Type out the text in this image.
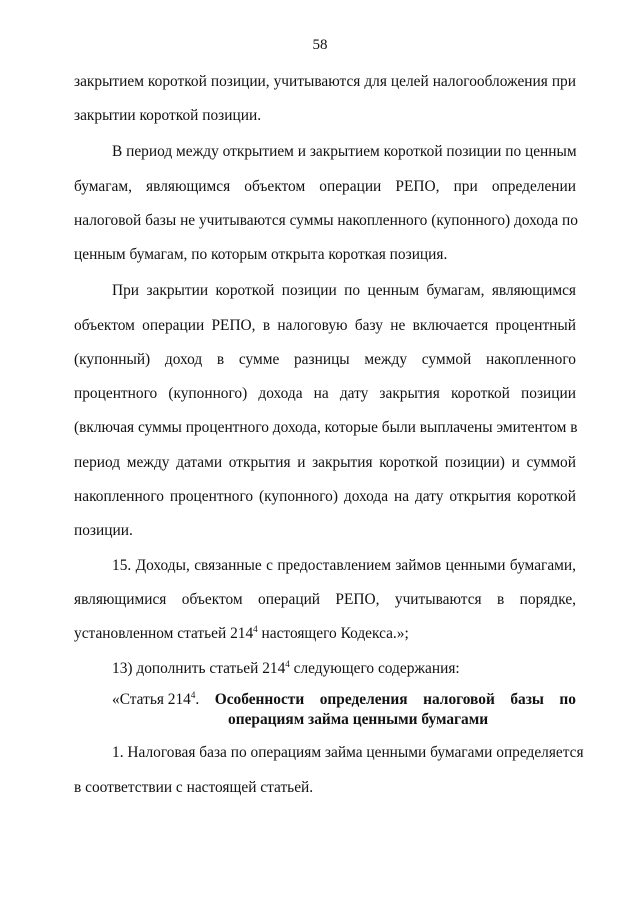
58
закрытием короткой позиции, учитываются для целей налогообложения при
закрытии короткой позиции.
В период между открытием и закрытием короткой позиции по ценным
бумагам, являющимся объектом операции РЕПО, при определении
налоговой базы не учитываются суммы накопленного (купонного) дохода по
ценным бумагам, по которым открыта короткая позиция.
При закрытии короткой позиции по ценным бумагам, являющимся
объектом операции РЕПО, в налоговую базу не включается процентный
(купонный) доход в сумме разницы между суммой накопленного
процентного (купонного) дохода на дату закрытия короткой позиции
(включая суммы процентного дохода, которые были выплачены эмитентом в
период между датами открытия и закрытия короткой позиции) и суммой
накопленного процентного (купонного) дохода на дату открытия короткой
позиции.
15. Доходы, связанные с предоставлением займов ценными бумагами,
являющимися объектом операций РЕПО, учитываются в порядке,
установленном статьей $214^4$ настоящего Кодекса.»;
13) дополнить статьей $214^4$ следующего содержания:
«Статья $214^4$. Особенности определения налоговой базы по
операциям займа ценными бумагами
1. Налоговая база по операциям займа ценными бумагами определяется
в соответствии с настоящей статьей.
